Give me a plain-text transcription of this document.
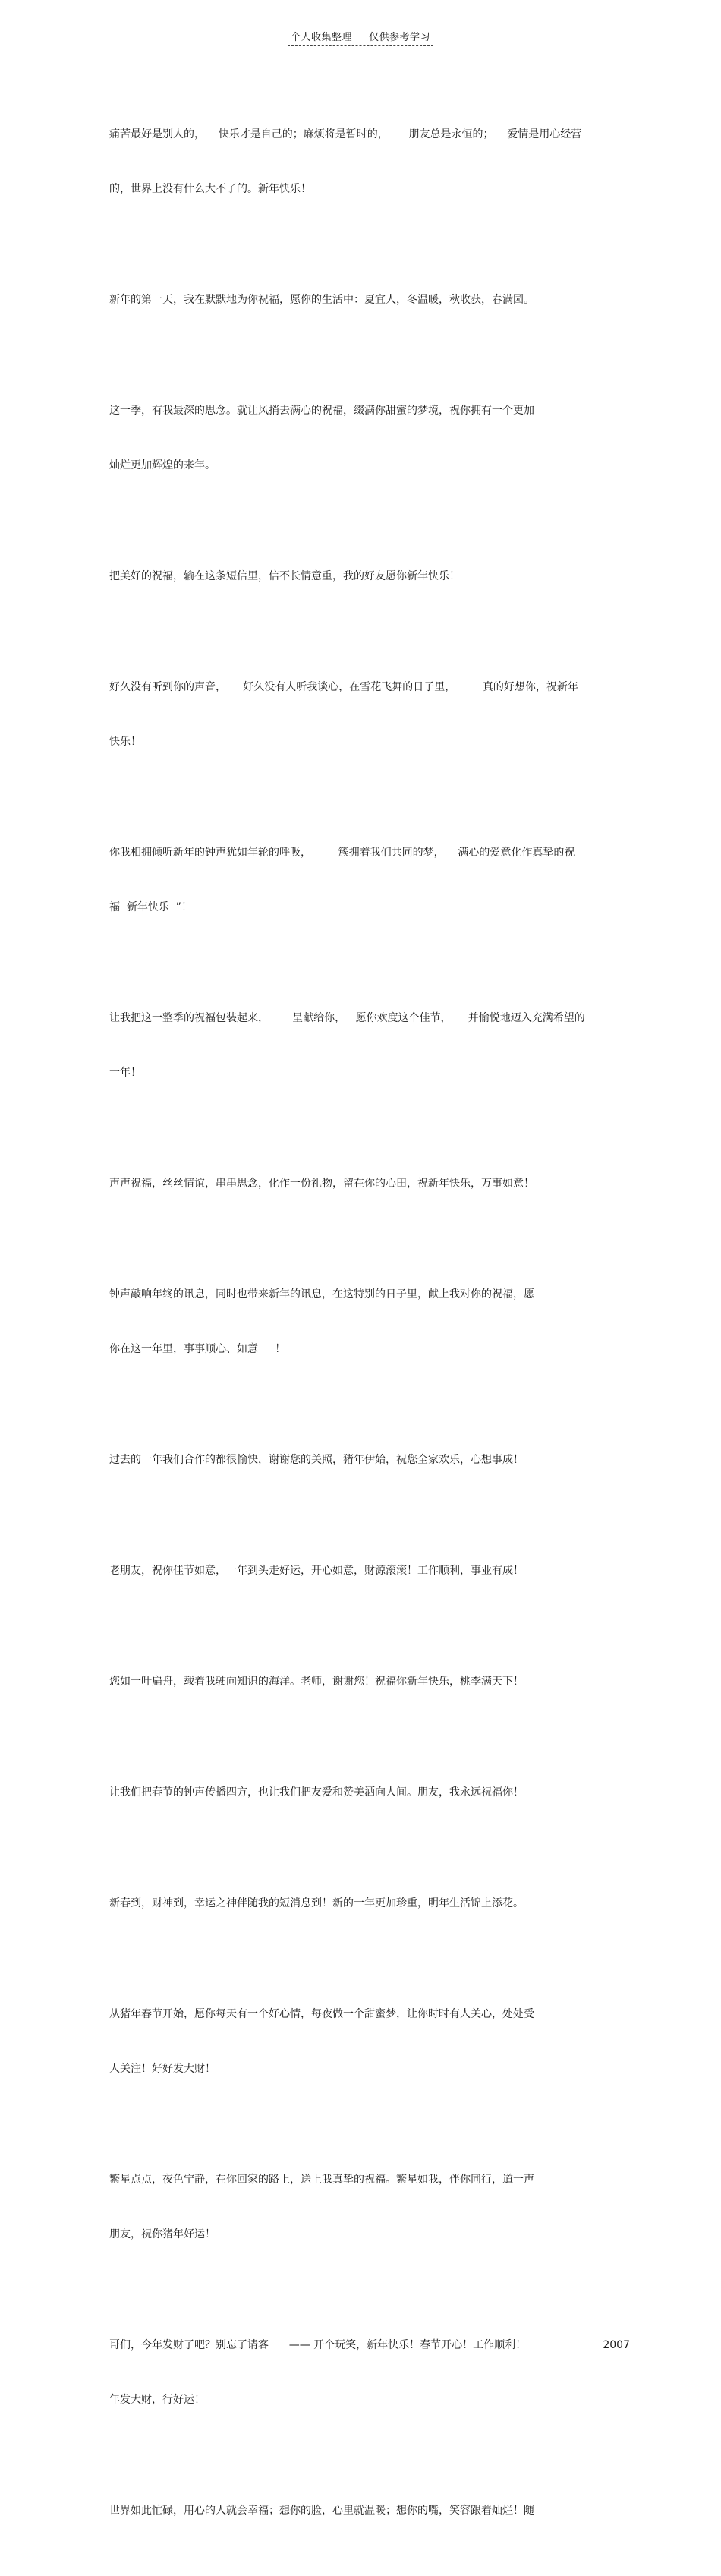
个人收集整理 仅供参考学习

痛苦最好是别人的，    快乐才是自己的；麻烦将是暂时的，      朋友总是永恒的；    爱情是用心经营

的，世界上没有什么大不了的。新年快乐！

新年的第一天，我在默默地为你祝福，愿你的生活中：夏宜人，冬温暖，秋收获，春满园。

这一季，有我最深的思念。就让风捎去满心的祝福，缀满你甜蜜的梦境，祝你拥有一个更加

灿烂更加辉煌的来年。

把美好的祝福，输在这条短信里，信不长情意重，我的好友愿你新年快乐！

好久没有听到你的声音，     好久没有人听我谈心，在雪花飞舞的日子里，        真的好想你，祝新年

快乐！

你我相拥倾听新年的钟声犹如年轮的呼吸，        簇拥着我们共同的梦，    满心的爱意化作真挚的祝

福  新年快乐  ”！

让我把这一整季的祝福包装起来，       呈献给你，   愿你欢度这个佳节，     并愉悦地迈入充满希望的

一年！

声声祝福，丝丝情谊，串串思念，化作一份礼物，留在你的心田，祝新年快乐，万事如意！

钟声敲响年终的讯息，同时也带来新年的讯息，在这特别的日子里，献上我对你的祝福，愿

你在这一年里，事事顺心、如意     ！

过去的一年我们合作的都很愉快，谢谢您的关照，猪年伊始，祝您全家欢乐，心想事成！

老朋友，祝你佳节如意，一年到头走好运，开心如意，财源滚滚！工作顺利，事业有成！

您如一叶扁舟，载着我驶向知识的海洋。老师，谢谢您！祝福你新年快乐，桃李满天下！

让我们把春节的钟声传播四方，也让我们把友爱和赞美洒向人间。朋友，我永远祝福你！

新春到，财神到，幸运之神伴随我的短消息到！新的一年更加珍重，明年生活锦上添花。

从猪年春节开始，愿你每天有一个好心情，每夜做一个甜蜜梦，让你时时有人关心，处处受

人关注！好好发大财！

繁星点点，夜色宁静，在你回家的路上，送上我真挚的祝福。繁星如我，伴你同行，道一声

朋友，祝你猪年好运！

哥们，今年发财了吧？别忘了请客      —— 开个玩笑，新年快乐！春节开心！工作顺利！	2007

年发大财，行好运！

世界如此忙碌，用心的人就会幸福；想你的脸，心里就温暖；想你的嘴，笑容跟着灿烂！随
